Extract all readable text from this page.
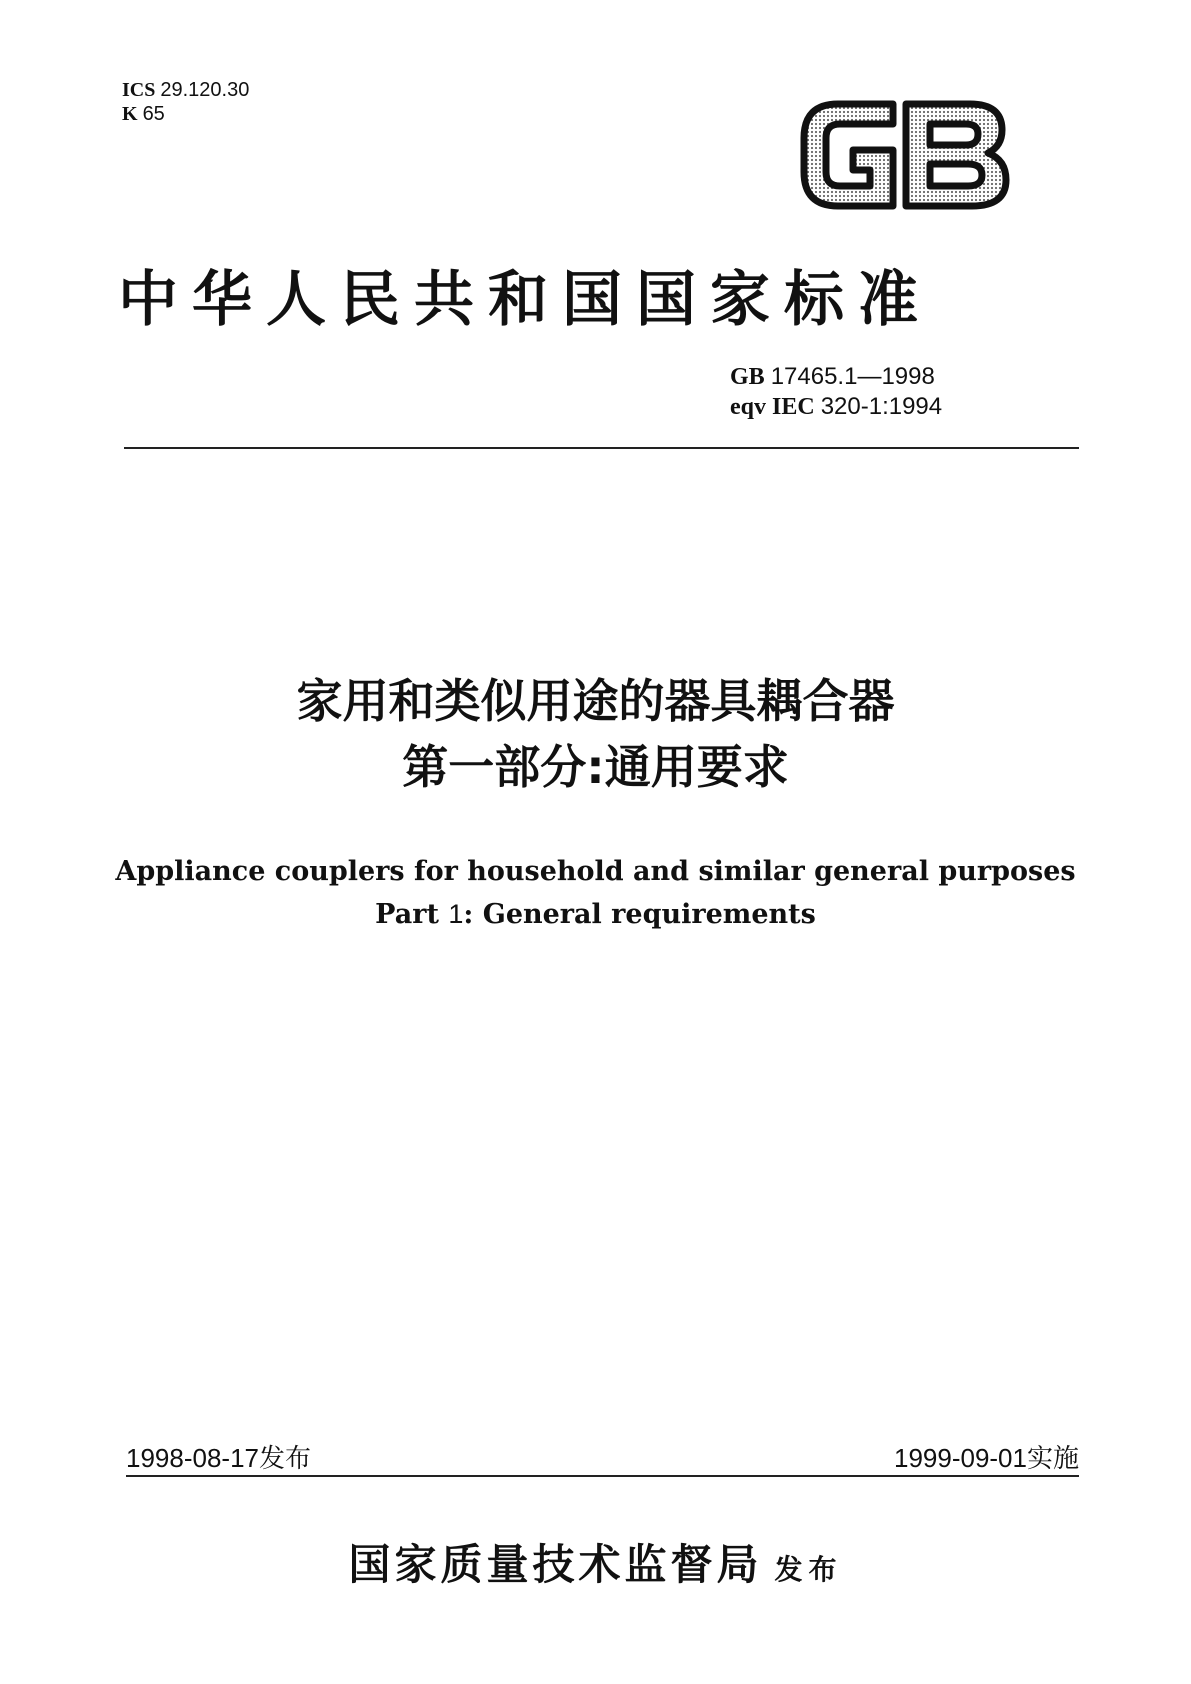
ICS 29.120.30
K 65
中华人民共和国国家标准
GB 17465.1—1998
eqv IEC 320-1:1994
家用和类似用途的器具耦合器
第一部分:通用要求
Appliance couplers for household and similar general purposes
Part 1: General requirements
1998-08-17发布	1999-09-01实施
国家质量技术监督局 发布
